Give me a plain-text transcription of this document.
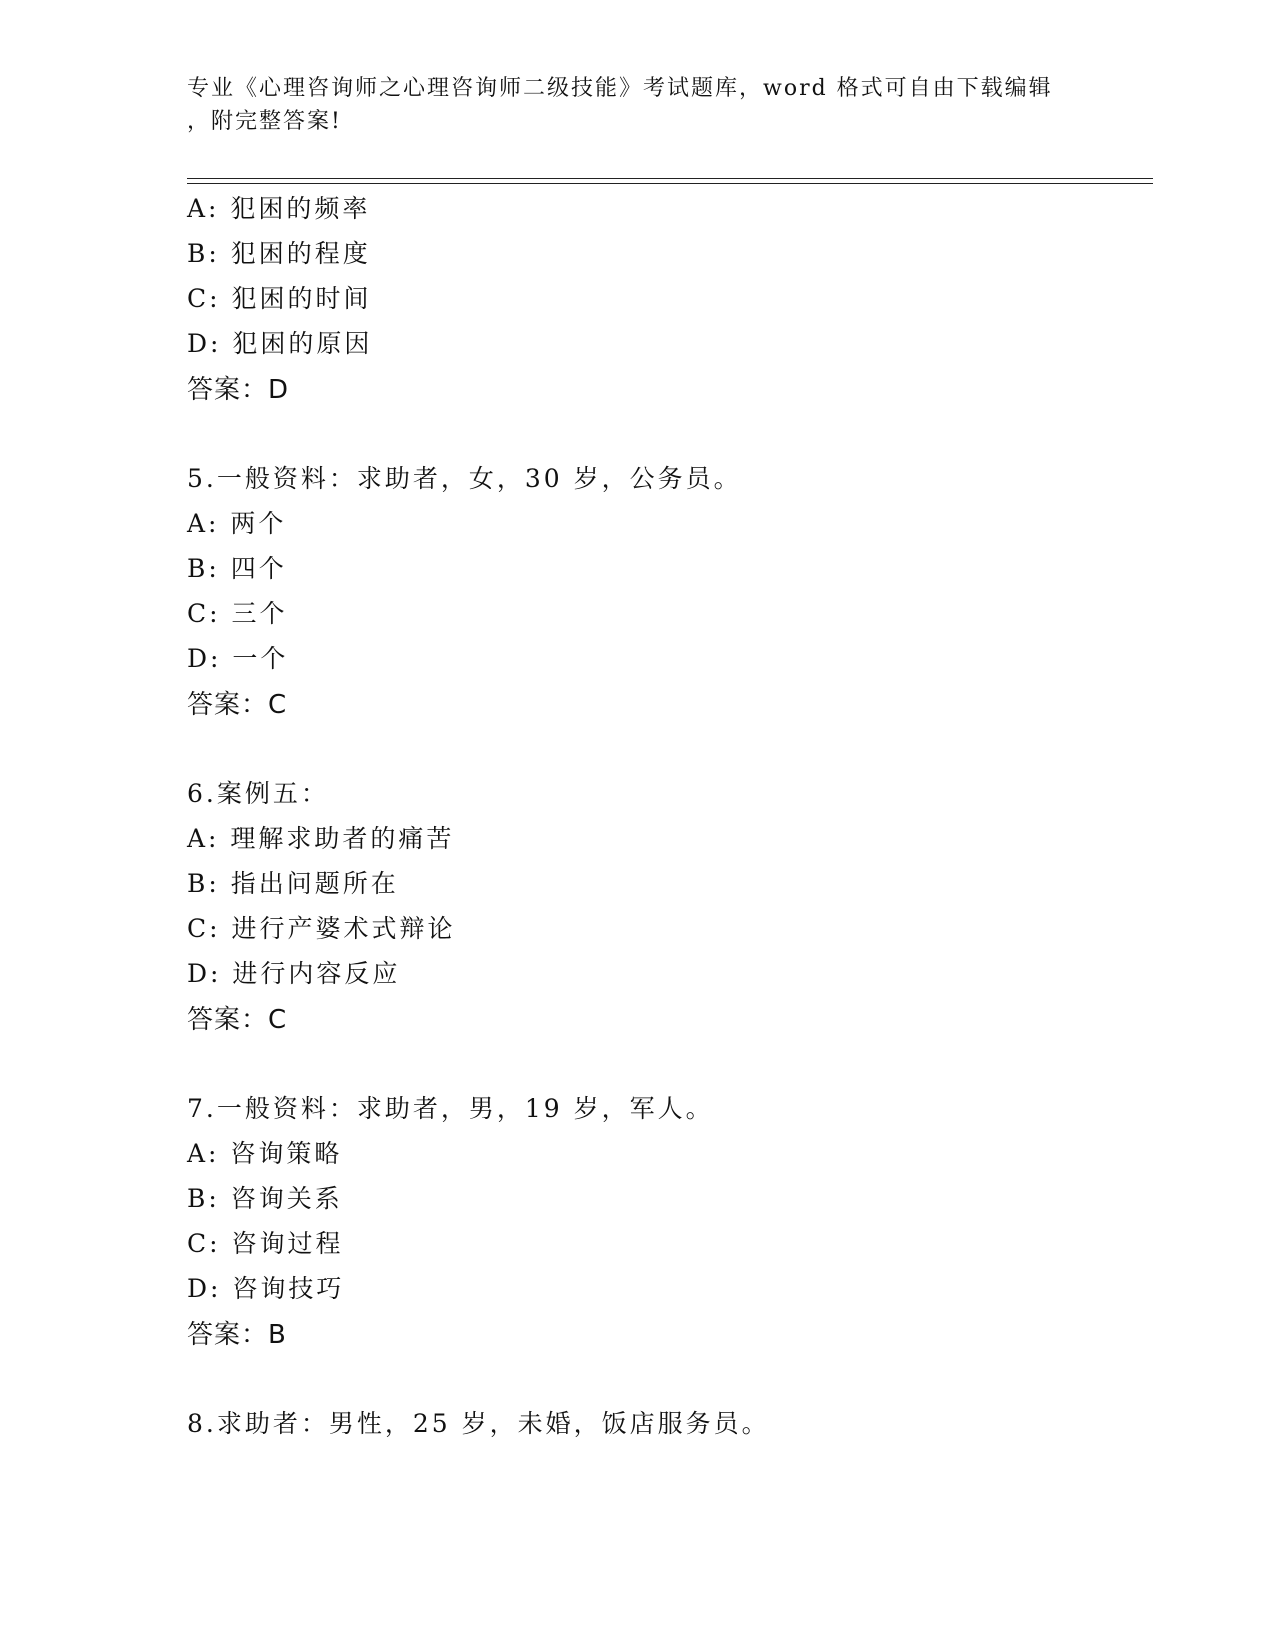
专业《心理咨询师之心理咨询师二级技能》考试题库，word 格式可自由下载编辑
，附完整答案!
A: 犯困的频率
B: 犯困的程度
C: 犯困的时间
D: 犯困的原因
答案：D
5.一般资料：求助者，女，30 岁，公务员。
A: 两个
B: 四个
C: 三个
D: 一个
答案：C
6.案例五：
A: 理解求助者的痛苦
B: 指出问题所在
C: 进行产婆术式辩论
D: 进行内容反应
答案：C
7.一般资料：求助者，男，19 岁，军人。
A: 咨询策略
B: 咨询关系
C: 咨询过程
D: 咨询技巧
答案：B
8.求助者：男性，25 岁，未婚，饭店服务员。
